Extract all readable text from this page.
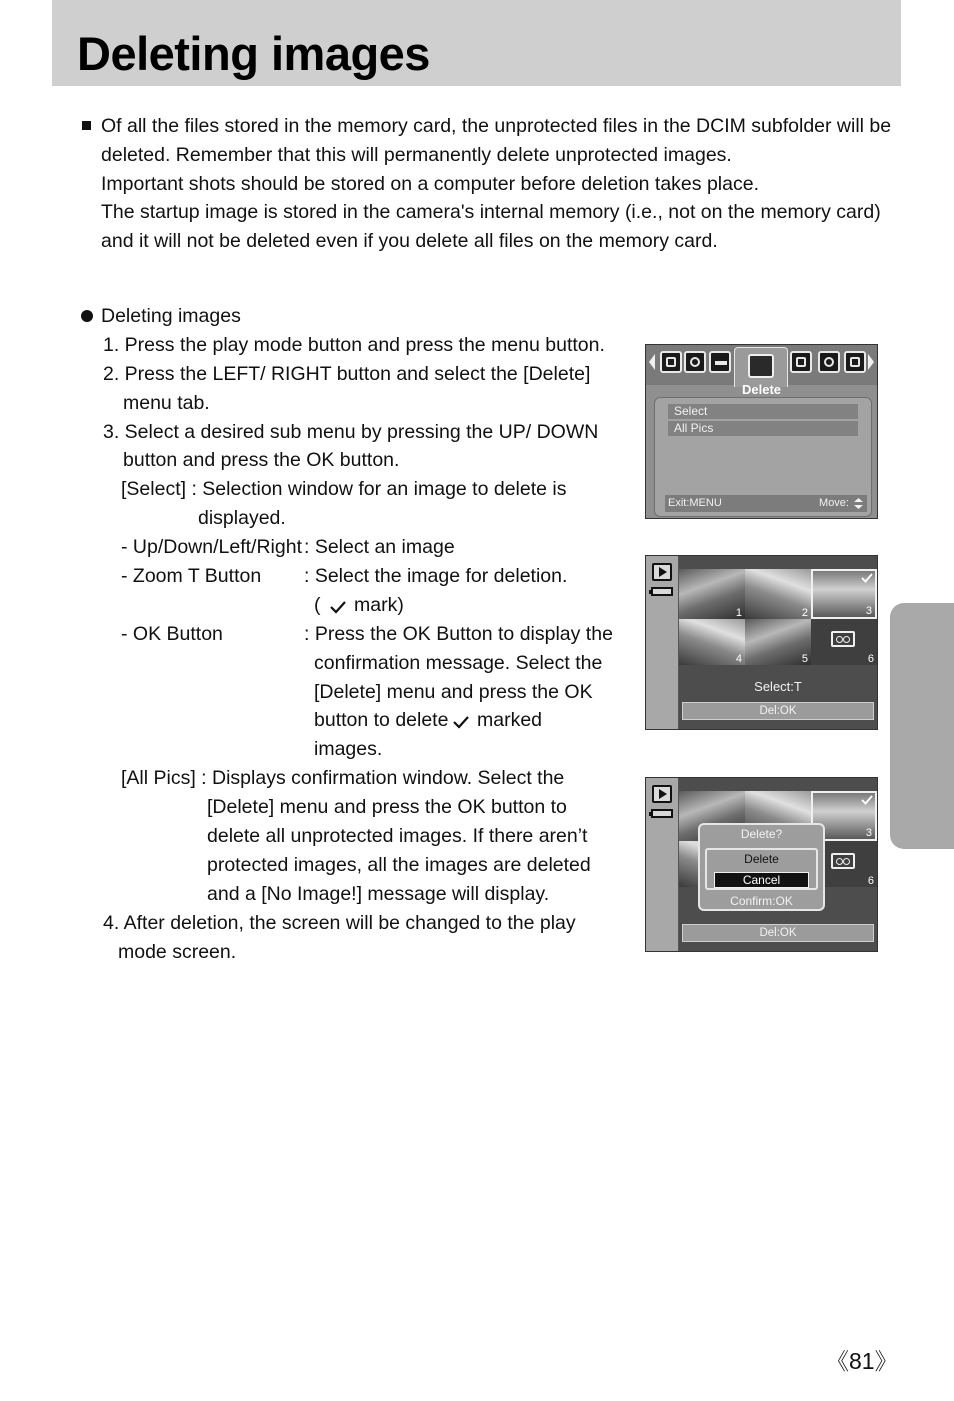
Deleting images
Of all the files stored in the memory card, the unprotected files in the DCIM subfolder will be
deleted. Remember that this will permanently delete unprotected images.
Important shots should be stored on a computer before deletion takes place.
The startup image is stored in the camera's internal memory (i.e., not on the memory card)
and it will not be deleted even if you delete all files on the memory card.
Deleting images
1. Press the play mode button and press the menu button.
2. Press the LEFT/ RIGHT button and select the [Delete]
menu tab.
3. Select a desired sub menu by pressing the UP/ DOWN
button and press the OK button.
[Select] : Selection window for an image to delete is
displayed.
- Up/Down/Left/Right : Select an image
- Zoom T Button : Select the image for deletion.
( mark)
- OK Button	: Press the OK Button to display the
confirmation message. Select the
[Delete] menu and press the OK
button to delete marked
images.
[All Pics] : Displays confirmation window. Select the
[Delete] menu and press the OK button to
delete all unprotected images. If there aren’t
protected images, all the images are deleted
and a [No Image!] message will display.
4. After deletion, the screen will be changed to the play
mode screen.
Delete
Select
All Pics
Exit:MENU	Move:
1	2	3
4	5	6
Select:T
Del:OK
3
6
Delete?
Delete
Cancel
Confirm:OK
Del:OK
《81》
